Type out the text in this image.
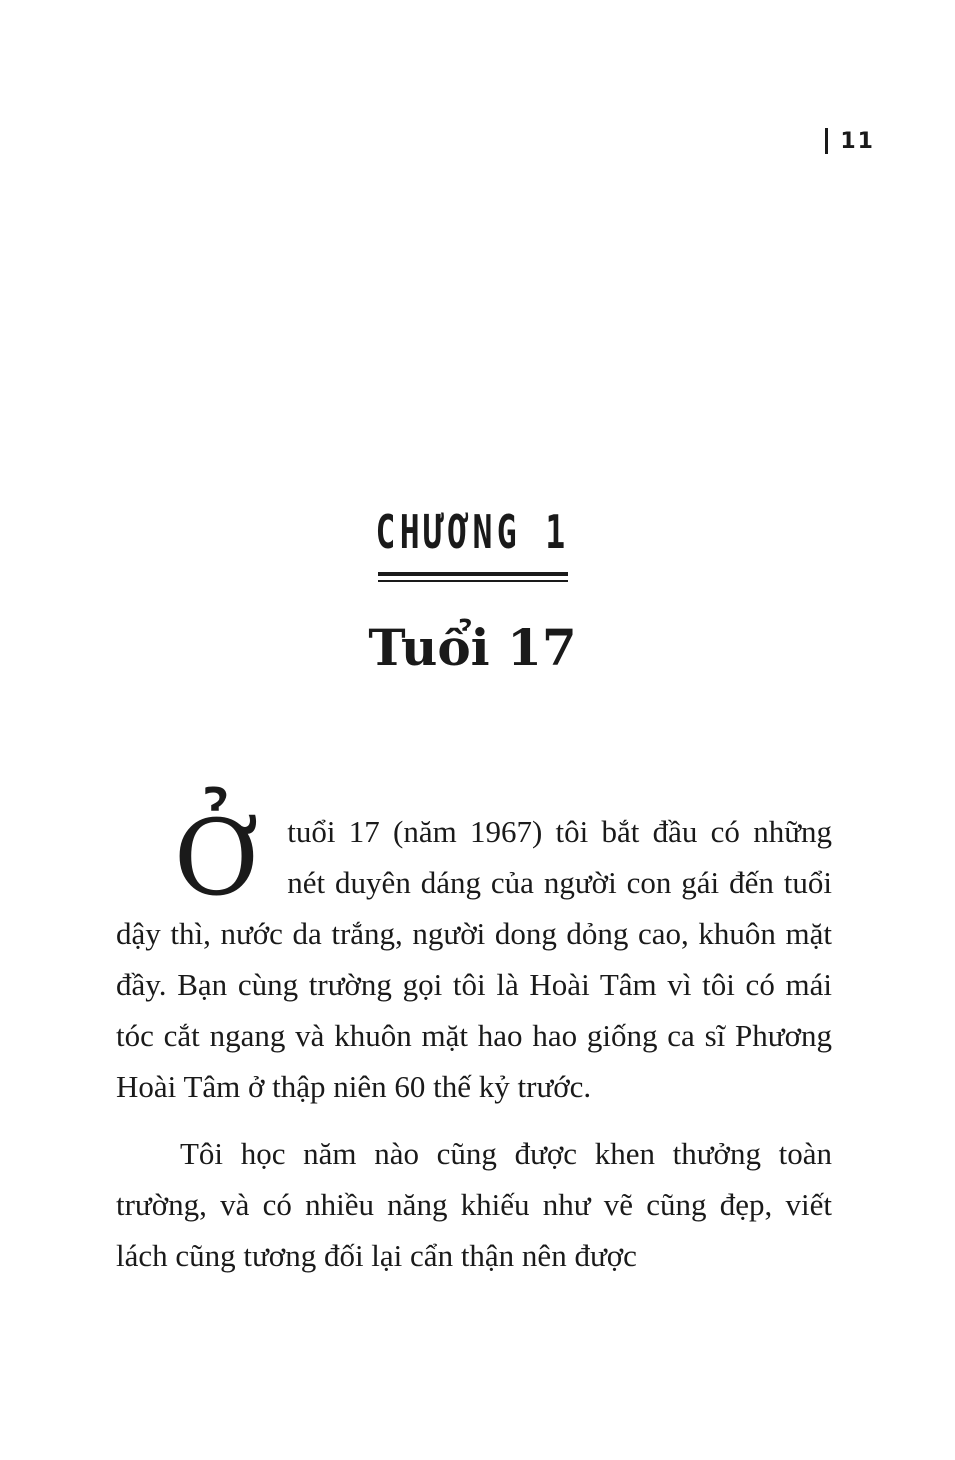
11
CHƯƠNG 1
Tuổi 17

Ở tuổi 17 (năm 1967) tôi bắt đầu có những nét duyên dáng của người con gái đến tuổi dậy thì, nước da trắng, người dong dỏng cao, khuôn mặt đầy. Bạn cùng trường gọi tôi là Hoài Tâm vì tôi có mái tóc cắt ngang và khuôn mặt hao hao giống ca sĩ Phương Hoài Tâm ở thập niên 60 thế kỷ trước.

Tôi học năm nào cũng được khen thưởng toàn trường, và có nhiều năng khiếu như vẽ cũng đẹp, viết lách cũng tương đối lại cẩn thận nên được
